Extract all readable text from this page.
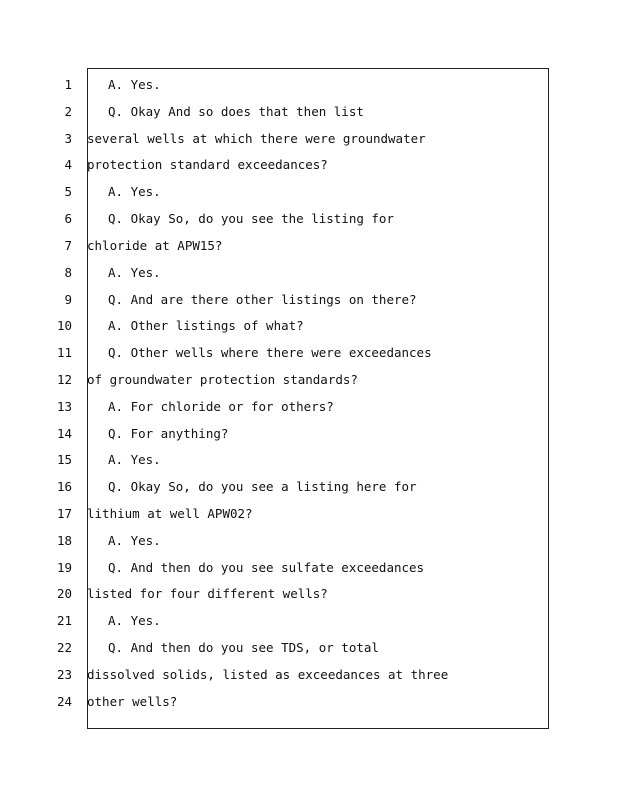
1	A. Yes.
2	Q. Okay And so does that then list
3 several wells at which there were groundwater
4 protection standard exceedances?
5	A. Yes.
6	Q. Okay So, do you see the listing for
7 chloride at APW15?
8	A. Yes.
9	Q. And are there other listings on there?
10	A. Other listings of what?
11	Q. Other wells where there were exceedances
12 of groundwater protection standards?
13	A. For chloride or for others?
14	Q. For anything?
15	A. Yes.
16	Q. Okay So, do you see a listing here for
17 lithium at well APW02?
18	A. Yes.
19	Q. And then do you see sulfate exceedances
20 listed for four different wells?
21	A. Yes.
22	Q. And then do you see TDS, or total
23 dissolved solids, listed as exceedances at three
24 other wells?
